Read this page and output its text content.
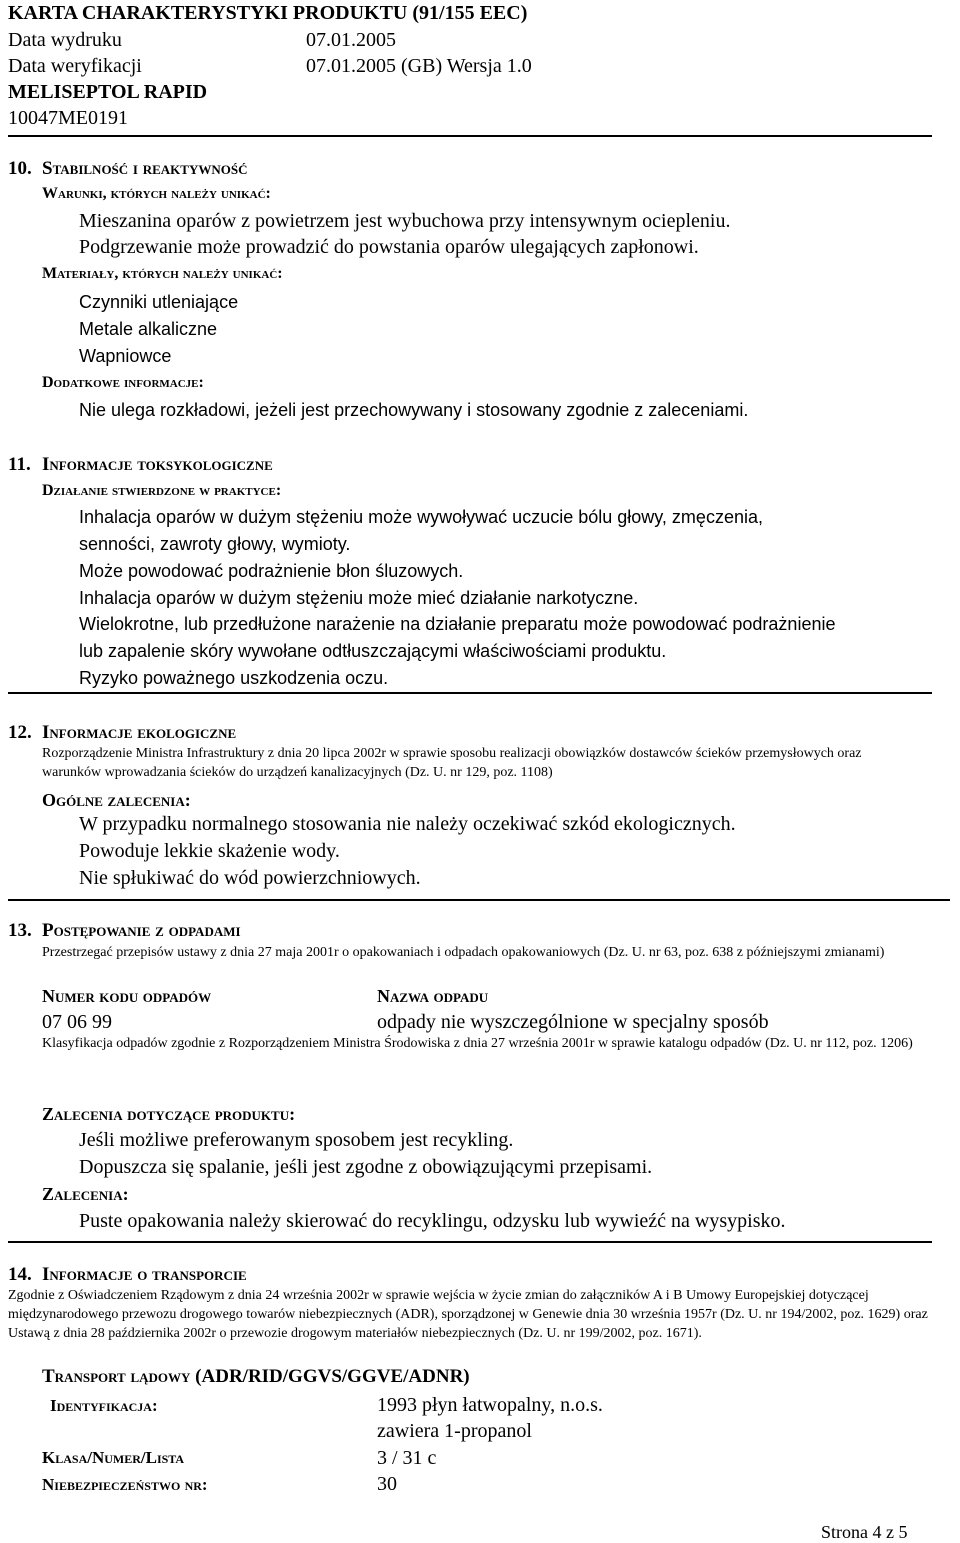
KARTA CHARAKTERYSTYKI PRODUKTU (91/155 EEC)
Data wydruku	07.01.2005
Data weryfikacji	07.01.2005 (GB) Wersja 1.0
MELISEPTOL RAPID
10047ME0191
10. Stabilność i reaktywność
Warunki, których należy unikać:
Mieszanina oparów z powietrzem jest wybuchowa przy intensywnym ociepleniu.
Podgrzewanie może prowadzić do powstania oparów ulegających zapłonowi.
Materiały, których należy unikać:
Czynniki utleniające
Metale alkaliczne
Wapniowce
Dodatkowe informacje:
Nie ulega rozkładowi, jeżeli jest przechowywany i stosowany zgodnie z zaleceniami.
11. Informacje toksykologiczne
Działanie stwierdzone w praktyce:
Inhalacja oparów w dużym stężeniu może wywoływać uczucie bólu głowy, zmęczenia,
senności, zawroty głowy, wymioty.
Może powodować podrażnienie błon śluzowych.
Inhalacja oparów w dużym stężeniu może mieć działanie narkotyczne.
Wielokrotne, lub przedłużone narażenie na działanie preparatu może powodować podrażnienie
lub zapalenie skóry wywołane odtłuszczającymi właściwościami produktu.
Ryzyko poważnego uszkodzenia oczu.
12. Informacje ekologiczne
Rozporządzenie Ministra Infrastruktury z dnia 20 lipca 2002r w sprawie sposobu realizacji obowiązków dostawców ścieków przemysłowych oraz warunków wprowadzania ścieków do urządzeń kanalizacyjnych (Dz. U. nr 129, poz. 1108)
Ogólne zalecenia:
W przypadku normalnego stosowania nie należy oczekiwać szkód ekologicznych.
Powoduje lekkie skażenie wody.
Nie spłukiwać do wód powierzchniowych.
13. Postępowanie z odpadami
Przestrzegać przepisów ustawy z dnia 27 maja 2001r o opakowaniach i odpadach opakowaniowych (Dz. U. nr 63, poz. 638 z późniejszymi zmianami)
Numer kodu odpadów	Nazwa odpadu
07 06 99	odpady nie wyszczególnione w specjalny sposób
Klasyfikacja odpadów zgodnie z Rozporządzeniem Ministra Środowiska z dnia 27 września 2001r w sprawie katalogu odpadów (Dz. U. nr 112, poz. 1206)
Zalecenia dotyczące produktu:
Jeśli możliwe preferowanym sposobem jest recykling.
Dopuszcza się spalanie, jeśli jest zgodne z obowiązującymi przepisami.
Zalecenia:
Puste opakowania należy skierować do recyklingu, odzysku lub wywieźć na wysypisko.
14. Informacje o transporcie
Zgodnie z Oświadczeniem Rządowym z dnia 24 września 2002r w sprawie wejścia w życie zmian do załączników A i B Umowy Europejskiej dotyczącej międzynarodowego przewozu drogowego towarów niebezpiecznych (ADR), sporządzonej w Genewie dnia 30 września 1957r (Dz. U. nr 194/2002, poz. 1629) oraz Ustawą z dnia 28 października 2002r o przewozie drogowym materiałów niebezpiecznych (Dz. U. nr 199/2002, poz. 1671).
Transport lądowy (ADR/RID/GGVS/GGVE/ADNR)
Identyfikacja:	1993 płyn łatwopalny, n.o.s.
zawiera 1-propanol
Klasa/Numer/Lista	3 / 31 c
Niebezpieczeństwo nr:	30
Strona 4 z 5
